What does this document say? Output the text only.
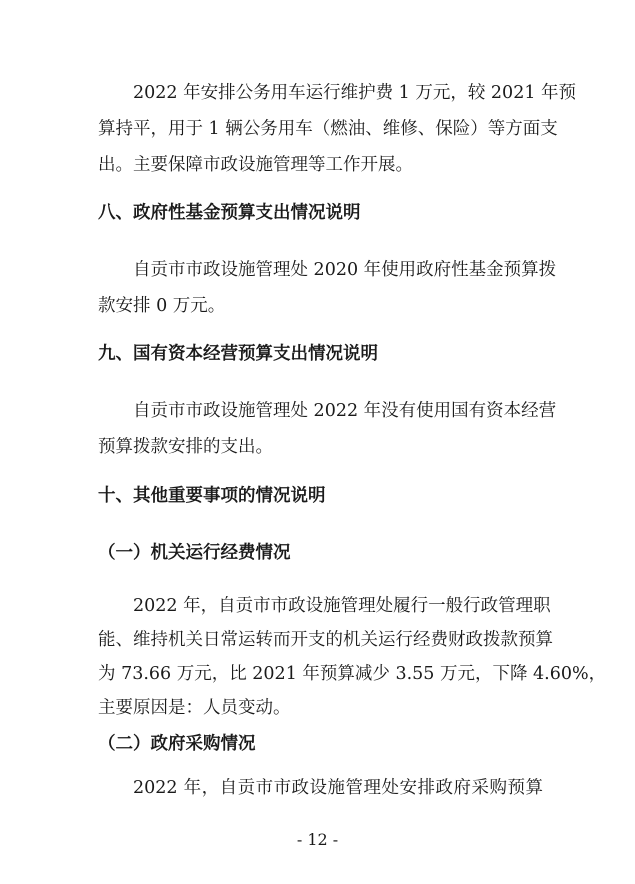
2022 年安排公务用车运行维护费 1 万元，较 2021 年预
算持平，用于 1 辆公务用车（燃油、维修、保险）等方面支
出。主要保障市政设施管理等工作开展。
八、政府性基金预算支出情况说明
自贡市市政设施管理处 2020 年使用政府性基金预算拨
款安排 0 万元。
九、国有资本经营预算支出情况说明
自贡市市政设施管理处 2022 年没有使用国有资本经营
预算拨款安排的支出。
十、其他重要事项的情况说明
（一）机关运行经费情况
2022 年，自贡市市政设施管理处履行一般行政管理职
能、维持机关日常运转而开支的机关运行经费财政拨款预算
为 73.66 万元，比 2021 年预算减少 3.55 万元，下降 4.60%，
主要原因是：人员变动。
（二）政府采购情况
2022 年，自贡市市政设施管理处安排政府采购预算
- 12 -
